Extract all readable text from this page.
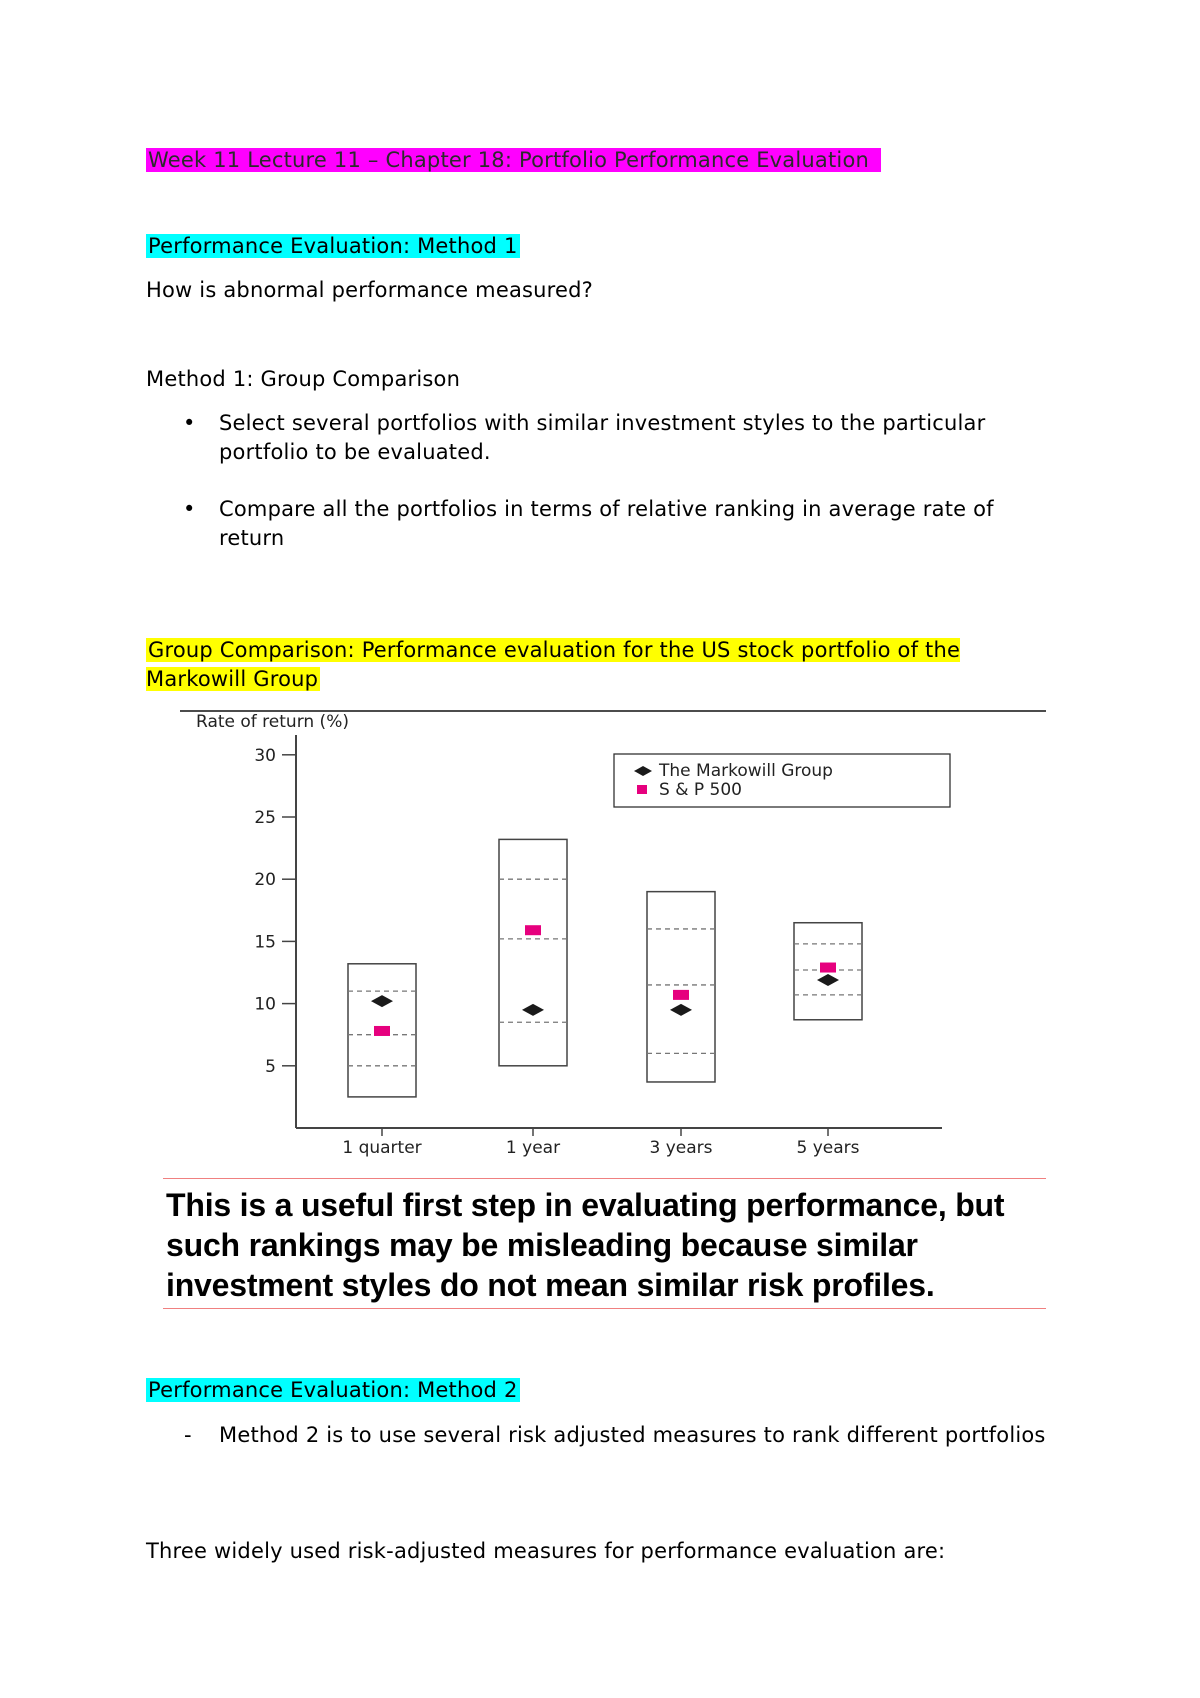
Week 11 Lecture 11 – Chapter 18: Portfolio Performance Evaluation
Performance Evaluation: Method 1
How is abnormal performance measured?
Method 1: Group Comparison
• Select several portfolios with similar investment styles to the particular portfolio to be evaluated.
• Compare all the portfolios in terms of relative ranking in average rate of return
Group Comparison: Performance evaluation for the US stock portfolio of the Markowill Group
Rate of return (%)
5
10
15
20
25
30
1 quarter	1 year	3 years	5 years
The Markowill Group
S & P 500
This is a useful first step in evaluating performance, but such rankings may be misleading because similar investment styles do not mean similar risk profiles.
Performance Evaluation: Method 2
-	Method 2 is to use several risk adjusted measures to rank different portfolios
Three widely used risk-adjusted measures for performance evaluation are:
